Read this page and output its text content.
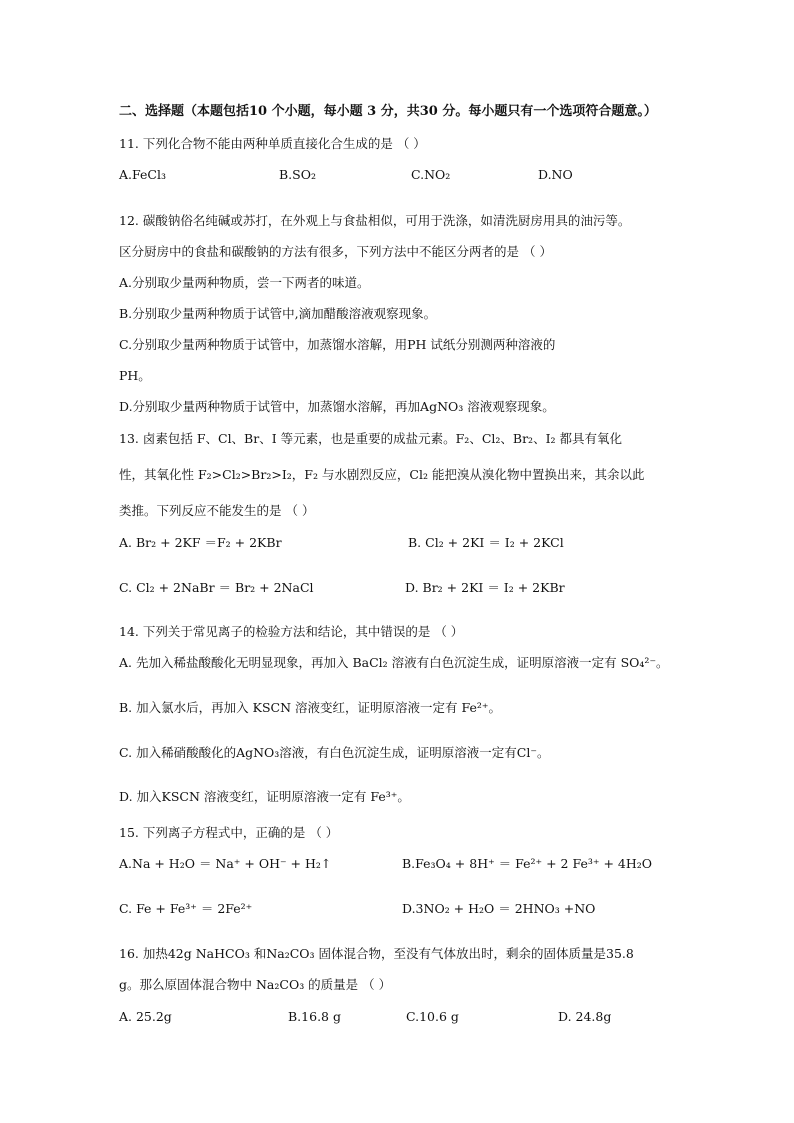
二、选择题（本题包括10 个小题，每小题 3 分，共30 分。每小题只有一个选项符合题意。）
11. 下列化合物不能由两种单质直接化合生成的是 （ ）
A.FeCl₃	B.SO₂	C.NO₂	D.NO
12. 碳酸钠俗名纯碱或苏打，在外观上与食盐相似，可用于洗涤，如清洗厨房用具的油污等。
区分厨房中的食盐和碳酸钠的方法有很多，下列方法中不能区分两者的是 （ ）
A.分别取少量两种物质，尝一下两者的味道。
B.分别取少量两种物质于试管中,滴加醋酸溶液观察现象。
C.分别取少量两种物质于试管中，加蒸馏水溶解，用PH 试纸分别测两种溶液的
PH。
D.分别取少量两种物质于试管中，加蒸馏水溶解，再加AgNO₃ 溶液观察现象。
13. 卤素包括 F、Cl、Br、I 等元素，也是重要的成盐元素。F₂、Cl₂、Br₂、I₂ 都具有氧化
性，其氧化性 F₂>Cl₂>Br₂>I₂，F₂ 与水剧烈反应，Cl₂ 能把溴从溴化物中置换出来，其余以此
类推。下列反应不能发生的是 （ ）
A. Br₂ + 2KF ＝F₂ + 2KBr	B. Cl₂ + 2KI ＝ I₂ + 2KCl
C. Cl₂ + 2NaBr ＝ Br₂ + 2NaCl	D. Br₂ + 2KI ＝ I₂ + 2KBr
14. 下列关于常见离子的检验方法和结论，其中错误的是 （ ）
A. 先加入稀盐酸酸化无明显现象，再加入 BaCl₂ 溶液有白色沉淀生成，证明原溶液一定有 SO₄²⁻。
B. 加入氯水后，再加入 KSCN 溶液变红，证明原溶液一定有 Fe²⁺。
C. 加入稀硝酸酸化的AgNO₃溶液，有白色沉淀生成，证明原溶液一定有Cl⁻。
D. 加入KSCN 溶液变红，证明原溶液一定有 Fe³⁺。
15. 下列离子方程式中，正确的是 （ ）
A.Na + H₂O ＝ Na⁺ + OH⁻ + H₂↑	B.Fe₃O₄ + 8H⁺ ＝ Fe²⁺ + 2 Fe³⁺ + 4H₂O
C. Fe + Fe³⁺ ＝ 2Fe²⁺	D.3NO₂ + H₂O ＝ 2HNO₃ +NO
16. 加热42g NaHCO₃ 和Na₂CO₃ 固体混合物，至没有气体放出时，剩余的固体质量是35.8
g。那么原固体混合物中 Na₂CO₃ 的质量是 （ ）
A. 25.2g	B.16.8 g	C.10.6 g	D. 24.8g
